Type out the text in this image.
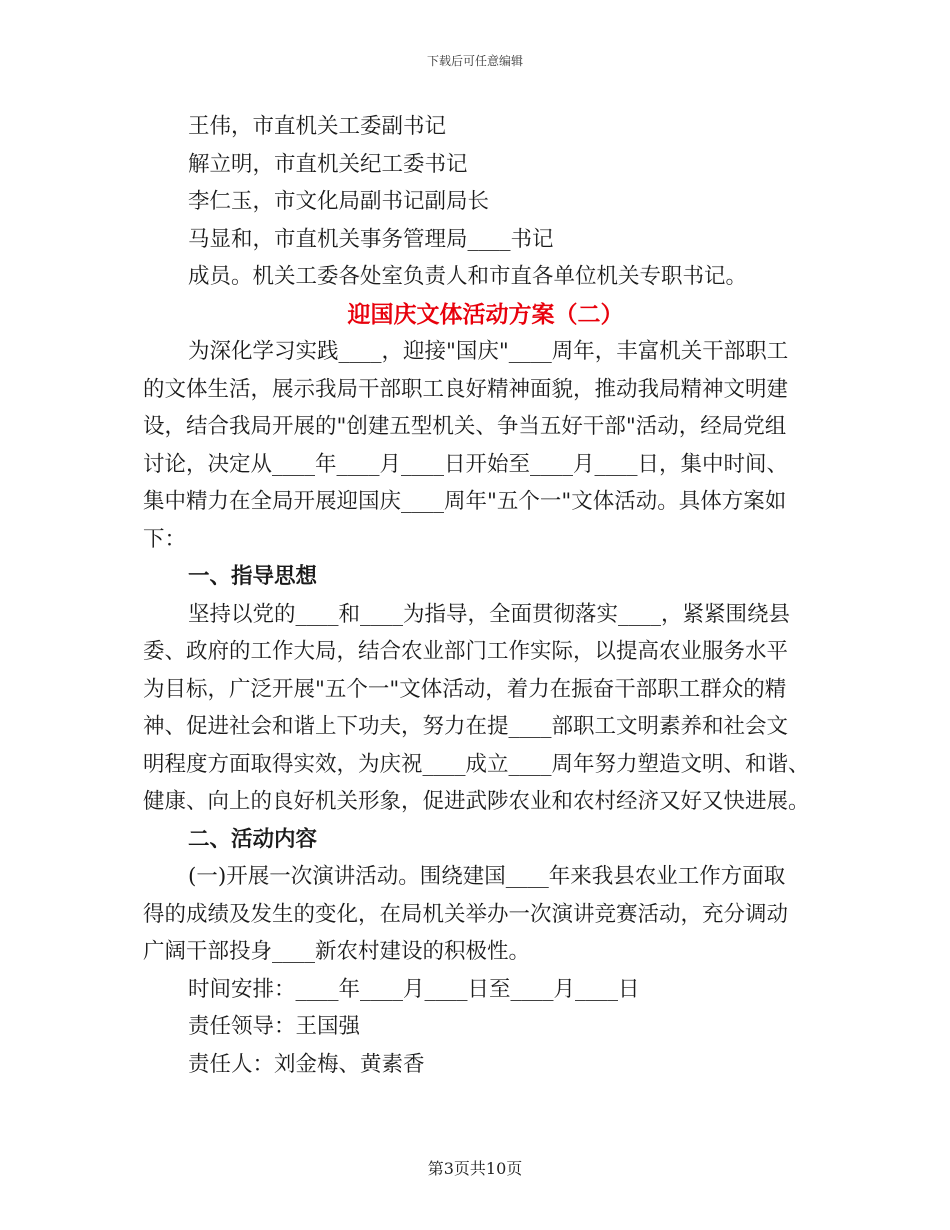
下载后可任意编辑
王伟，市直机关工委副书记
解立明，市直机关纪工委书记
李仁玉，市文化局副书记副局长
马显和，市直机关事务管理局____书记
成员。机关工委各处室负责人和市直各单位机关专职书记。
迎国庆文体活动方案（二）
为深化学习实践____，迎接"国庆"____周年，丰富机关干部职工
的文体生活，展示我局干部职工良好精神面貌，推动我局精神文明建
设，结合我局开展的"创建五型机关、争当五好干部"活动，经局党组
讨论，决定从____年____月____日开始至____月____日，集中时间、
集中精力在全局开展迎国庆____周年"五个一"文体活动。具体方案如
下：
一、指导思想
坚持以党的____和____为指导，全面贯彻落实____，紧紧围绕县
委、政府的工作大局，结合农业部门工作实际，以提高农业服务水平
为目标，广泛开展"五个一"文体活动，着力在振奋干部职工群众的精
神、促进社会和谐上下功夫，努力在提____部职工文明素养和社会文
明程度方面取得实效，为庆祝____成立____周年努力塑造文明、和谐、
健康、向上的良好机关形象，促进武陟农业和农村经济又好又快进展。
二、活动内容
(一)开展一次演讲活动。围绕建国____年来我县农业工作方面取
得的成绩及发生的变化，在局机关举办一次演讲竞赛活动，充分调动
广阔干部投身____新农村建设的积极性。
时间安排：____年____月____日至____月____日
责任领导：王国强
责任人：刘金梅、黄素香
第3页共10页
